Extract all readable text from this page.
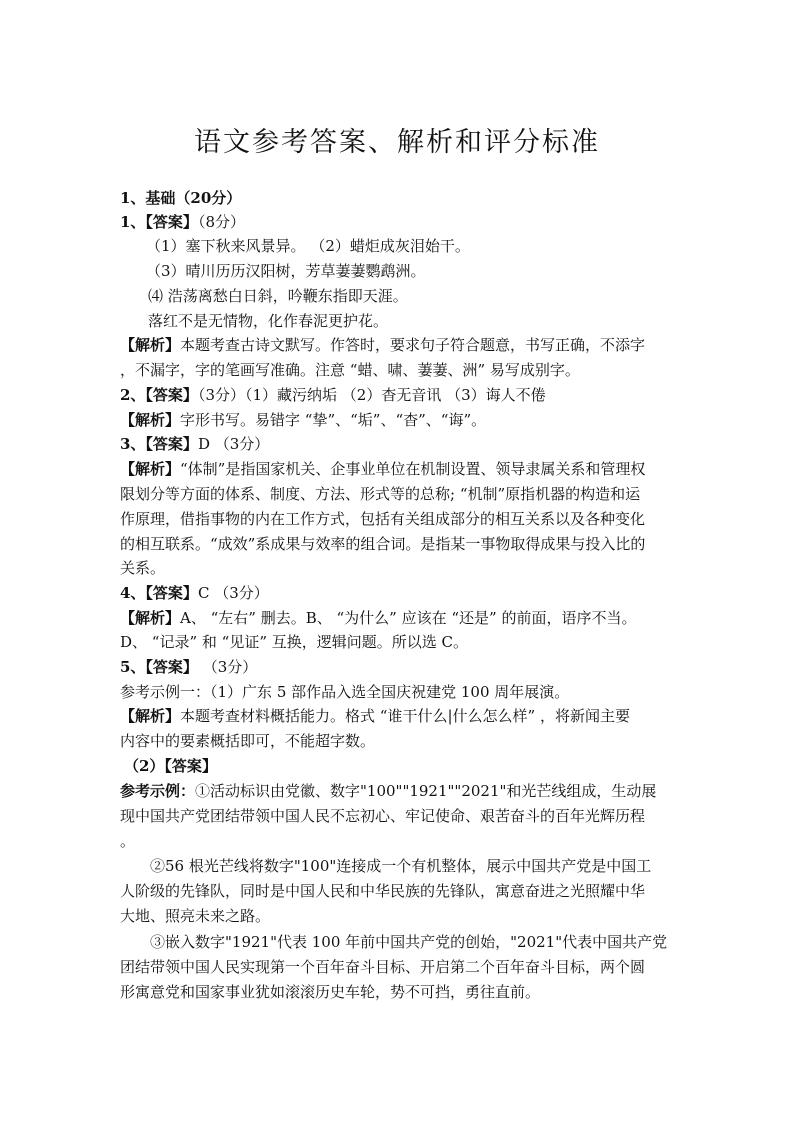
语文参考答案、解析和评分标准
1、基础（20分）
1、【答案】（8分）
（1）塞下秋来风景异。 （2）蜡炬成灰泪始干。
（3）晴川历历汉阳树，芳草萋萋鹦鹉洲。
⑷ 浩荡离愁白日斜，吟鞭东指即天涯。
落红不是无情物，化作春泥更护花。
【解析】本题考查古诗文默写。作答时，要求句子符合题意，书写正确，不添字
，不漏字，字的笔画写准确。注意 “蜡、啸、萋萋、洲” 易写成别字。
2、【答案】（3分）（1）藏污纳垢 （2）杳无音讯 （3）诲人不倦
【解析】字形书写。易错字 “挚”、“垢”、“杳”、“诲”。
3、【答案】D （3分）
【解析】“体制”是指国家机关、企事业单位在机制设置、领导隶属关系和管理权
限划分等方面的体系、制度、方法、形式等的总称; “机制”原指机器的构造和运
作原理，借指事物的内在工作方式，包括有关组成部分的相互关系以及各种变化
的相互联系。“成效”系成果与效率的组合词。是指某一事物取得成果与投入比的
关系。
4、【答案】C （3分）
【解析】A、 “左右” 删去。B、 “为什么” 应该在 “还是” 的前面，语序不当。
D、 “记录” 和 “见证” 互换，逻辑问题。所以选 C。
5、【答案】 （3分）
参考示例一：（1）广东 5 部作品入选全国庆祝建党 100 周年展演。
【解析】本题考查材料概括能力。格式 “谁干什么|什么怎么样” ，将新闻主要
内容中的要素概括即可，不能超字数。
（2）【答案】
参考示例：①活动标识由党徽、数字"100""1921""2021"和光芒线组成，生动展
现中国共产党团结带领中国人民不忘初心、牢记使命、艰苦奋斗的百年光辉历程
。
②56 根光芒线将数字"100"连接成一个有机整体，展示中国共产党是中国工
人阶级的先锋队，同时是中国人民和中华民族的先锋队，寓意奋进之光照耀中华
大地、照亮未来之路。
③嵌入数字"1921"代表 100 年前中国共产党的创始，"2021"代表中国共产党
团结带领中国人民实现第一个百年奋斗目标、开启第二个百年奋斗目标，两个圆
形寓意党和国家事业犹如滚滚历史车轮，势不可挡，勇往直前。
